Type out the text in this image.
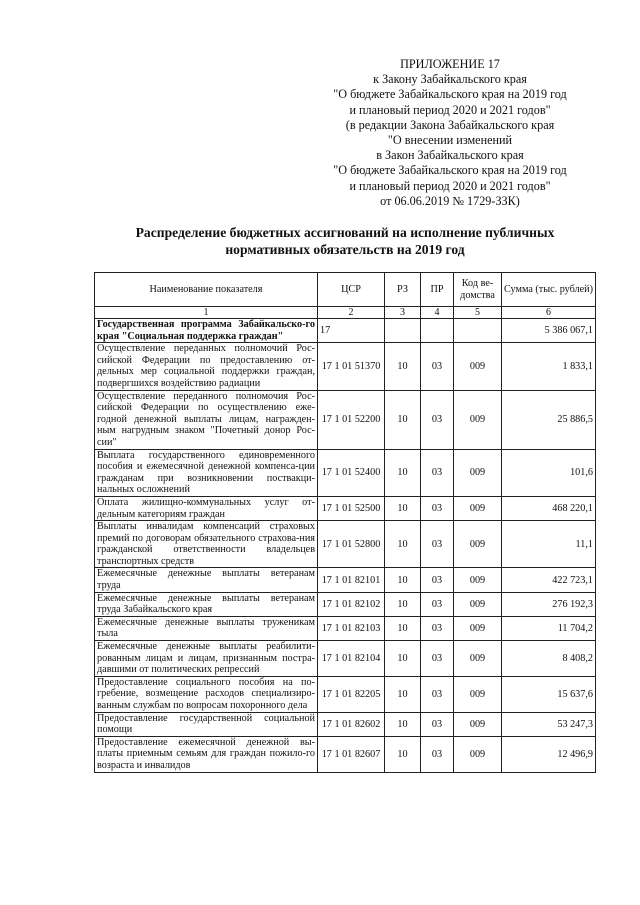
ПРИЛОЖЕНИЕ 17
к Закону Забайкальского края
"О бюджете Забайкальского края на 2019 год
и плановый период 2020 и 2021 годов"
(в редакции Закона Забайкальского края
"О внесении изменений
в Закон Забайкальского края
"О бюджете Забайкальского края на 2019 год
и плановый период 2020 и 2021 годов"
от 06.06.2019 № 1729-ЗЗК)
Распределение бюджетных ассигнований на исполнение публичных
нормативных обязательств на 2019 год
Наименование показателя	ЦСР	РЗ	ПР	Код ве-домства	Сумма (тыс. рублей)
1	2	3	4	5	6
Государственная программа Забайкальско-го края "Социальная поддержка граждан"	17				5 386 067,1
Осуществление переданных полномочий Рос-сийской Федерации по предоставлению от-дельных мер социальной поддержки граждан, подвергшихся воздействию радиации	17 1 01 51370	10	03	009	1 833,1
Осуществление переданного полномочия Рос-сийской Федерации по осуществлению еже-годной денежной выплаты лицам, награжден-ным нагрудным знаком "Почетный донор Рос-сии"	17 1 01 52200	10	03	009	25 886,5
Выплата государственного единовременного пособия и ежемесячной денежной компенса-ции гражданам при возникновении поствакци-нальных осложнений	17 1 01 52400	10	03	009	101,6
Оплата жилищно-коммунальных услуг от-дельным категориям граждан	17 1 01 52500	10	03	009	468 220,1
Выплаты инвалидам компенсаций страховых премий по договорам обязательного страхова-ния гражданской ответственности владельцев транспортных средств	17 1 01 52800	10	03	009	11,1
Ежемесячные денежные выплаты ветеранам труда	17 1 01 82101	10	03	009	422 723,1
Ежемесячные денежные выплаты ветеранам труда Забайкальского края	17 1 01 82102	10	03	009	276 192,3
Ежемесячные денежные выплаты труженикам тыла	17 1 01 82103	10	03	009	11 704,2
Ежемесячные денежные выплаты реабилити-рованным лицам и лицам, признанным постра-давшими от политических репрессий	17 1 01 82104	10	03	009	8 408,2
Предоставление социального пособия на по-гребение, возмещение расходов специализиро-ванным службам по вопросам похоронного дела	17 1 01 82205	10	03	009	15 637,6
Предоставление государственной социальной помощи	17 1 01 82602	10	03	009	53 247,3
Предоставление ежемесячной денежной вы-платы приемным семьям для граждан пожило-го возраста и инвалидов	17 1 01 82607	10	03	009	12 496,9
